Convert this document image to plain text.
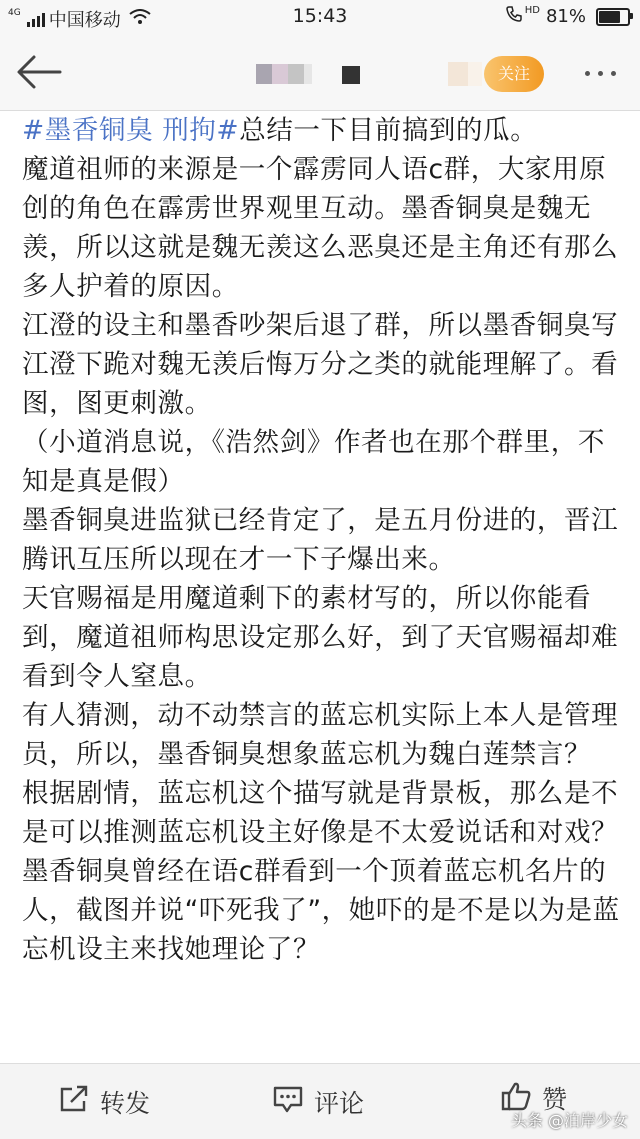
4G 中国移动	15:43	HD 81%
关注

#墨香铜臭 刑拘#总结一下目前搞到的瓜。

魔道祖师的来源是一个霹雳同人语c群，大家用原创的角色在霹雳世界观里互动。墨香铜臭是魏无羡，所以这就是魏无羡这么恶臭还是主角还有那么多人护着的原因。

江澄的设主和墨香吵架后退了群，所以墨香铜臭写江澄下跪对魏无羡后悔万分之类的就能理解了。看图，图更刺激。

（小道消息说，《浩然剑》作者也在那个群里，不知是真是假）

墨香铜臭进监狱已经肯定了，是五月份进的，晋江腾讯互压所以现在才一下子爆出来。

天官赐福是用魔道剩下的素材写的，所以你能看到，魔道祖师构思设定那么好，到了天官赐福却难看到令人窒息。

有人猜测，动不动禁言的蓝忘机实际上本人是管理员，所以，墨香铜臭想象蓝忘机为魏白莲禁言？

根据剧情，蓝忘机这个描写就是背景板，那么是不是可以推测蓝忘机设主好像是不太爱说话和对戏？

墨香铜臭曾经在语c群看到一个顶着蓝忘机名片的人，截图并说“吓死我了”，她吓的是不是以为是蓝忘机设主来找她理论了？

转发	评论	赞
头条 @泊岸少女
